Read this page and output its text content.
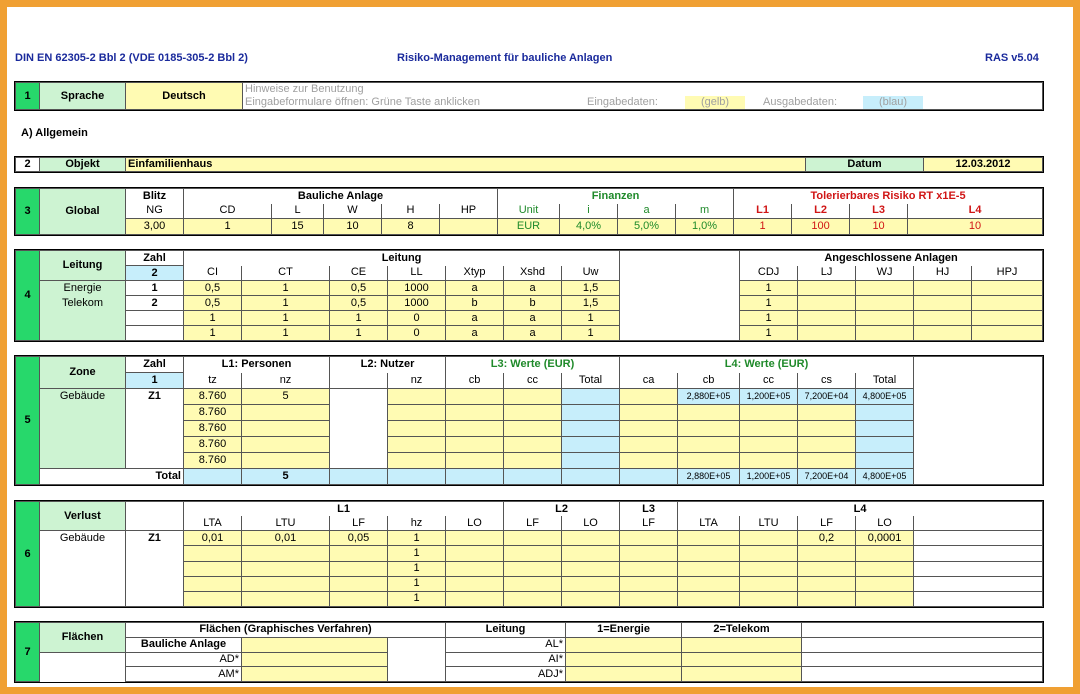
DIN EN 62305-2 Bbl 2 (VDE 0185-305-2 Bbl 2)	Risiko-Management für bauliche Anlagen	RAS v5.04
1	Sprache	Deutsch	Hinweise zur Benutzung
Eingabeformulare öffnen: Grüne Taste anklicken	Eingabedaten:	(gelb)	Ausgabedaten:	(blau)
A) Allgemein
2	Objekt	Einfamilienhaus	Datum	12.03.2012
3	Global	Blitz	Bauliche Anlage					Finanzen				Tolerierbares Risiko RT x1E-5			
		NG	CD	L	W	H	HP	Unit	i	a	m	L1	L2	L3	L4
		3,00	1	15	10	8		EUR	4,0%	5,0%	1,0%	1	100	10	10
4	Leitung	Zahl	Leitung								Angeschlossene Anlagen				
		2	CI	CT	CE	LL	Xtyp	Xshd	Uw		CDJ	LJ	WJ	HJ	HPJ
	Energie	1	0,5	1	0,5	1000	a	a	1,5		1				
	Telekom	2	0,5	1	0,5	1000	b	b	1,5		1				
			1	1	1	0	a	a	1		1				
			1	1	1	0	a	a	1		1				
5	Zone	Zahl	L1: Personen		L2: Nutzer		L3: Werte (EUR)			L4: Werte (EUR)					
		1	tz	nz		nz	cb	cc	Total	ca	cb	cc	cs	Total	
	Gebäude	Z1	8.760	5							2,880E+05	1,200E+05	7,200E+04	4,800E+05	
			8.760												
			8.760												
			8.760												
			8.760												
	Total			5							2,880E+05	1,200E+05	7,200E+04	4,800E+05	
6	Verlust		L1					L2		L3	L4				
			LTA	LTU	LF	hz	LO	LF	LO	LF	LTA	LTU	LF	LO	
	Gebäude	Z1	0,01	0,01	0,05	1							0,2	0,0001	
						1									
						1									
						1									
						1									
7	Flächen	Flächen (Graphisches Verfahren)			Leitung	1=Energie	2=Telekom	
		Bauliche Anlage			AL*			
		AD*			AI*			
		AM*			ADJ*			
